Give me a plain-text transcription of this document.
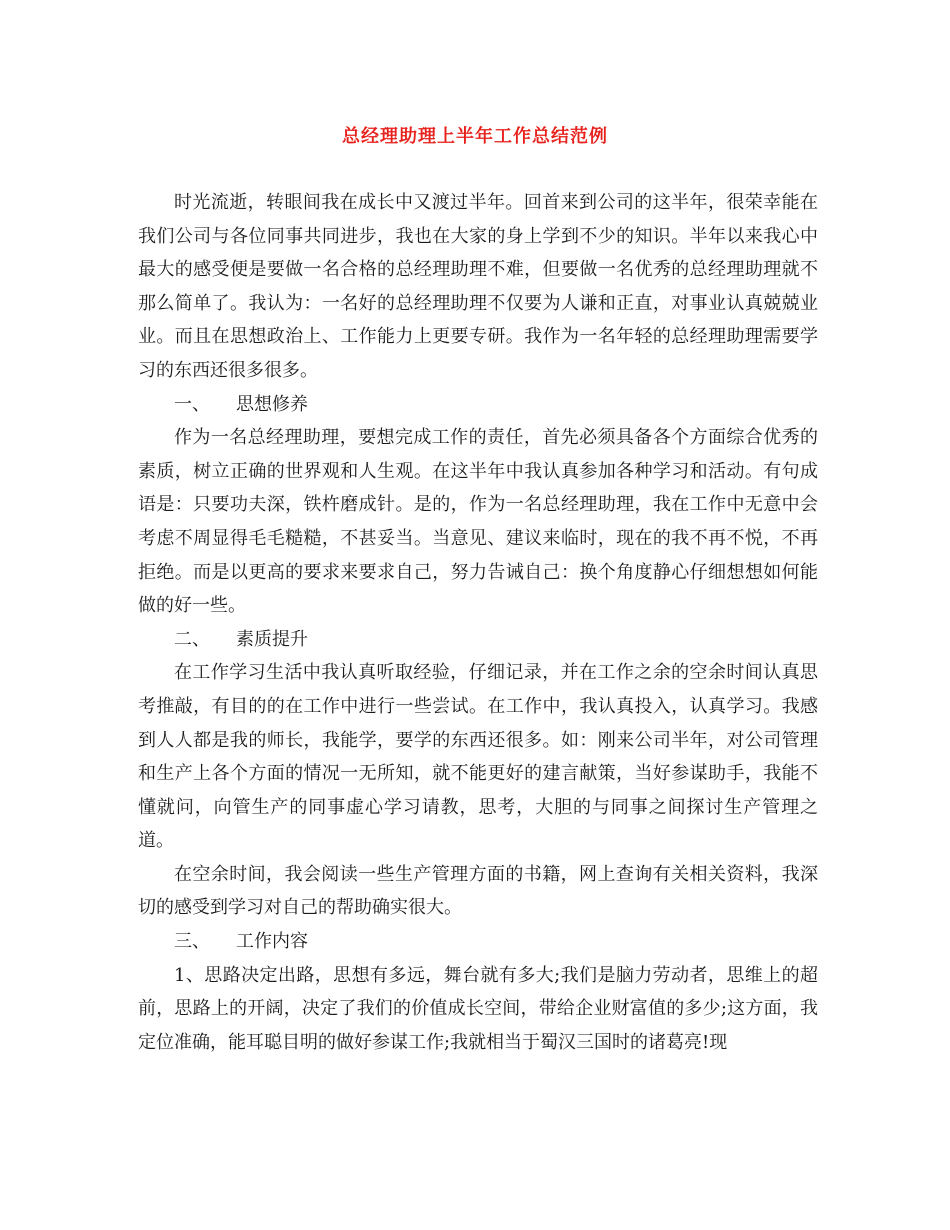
总经理助理上半年工作总结范例

时光流逝，转眼间我在成长中又渡过半年。回首来到公司的这半年，很荣幸能在我们公司与各位同事共同进步，我也在大家的身上学到不少的知识。半年以来我心中最大的感受便是要做一名合格的总经理助理不难，但要做一名优秀的总经理助理就不那么简单了。我认为：一名好的总经理助理不仅要为人谦和正直，对事业认真兢兢业业。而且在思想政治上、工作能力上更要专研。我作为一名年轻的总经理助理需要学习的东西还很多很多。

一、 思想修养

作为一名总经理助理，要想完成工作的责任，首先必须具备各个方面综合优秀的素质，树立正确的世界观和人生观。在这半年中我认真参加各种学习和活动。有句成语是：只要功夫深，铁杵磨成针。是的，作为一名总经理助理，我在工作中无意中会考虑不周显得毛毛糙糙，不甚妥当。当意见、建议来临时，现在的我不再不悦，不再拒绝。而是以更高的要求来要求自己，努力告诫自己：换个角度静心仔细想想如何能做的好一些。

二、 素质提升

在工作学习生活中我认真听取经验，仔细记录，并在工作之余的空余时间认真思考推敲，有目的的在工作中进行一些尝试。在工作中，我认真投入，认真学习。我感到人人都是我的师长，我能学，要学的东西还很多。如：刚来公司半年，对公司管理和生产上各个方面的情况一无所知，就不能更好的建言献策，当好参谋助手，我能不懂就问，向管生产的同事虚心学习请教，思考，大胆的与同事之间探讨生产管理之道。

在空余时间，我会阅读一些生产管理方面的书籍，网上查询有关相关资料，我深切的感受到学习对自己的帮助确实很大。

三、 工作内容

1、思路决定出路，思想有多远，舞台就有多大;我们是脑力劳动者，思维上的超前，思路上的开阔，决定了我们的价值成长空间，带给企业财富值的多少;这方面，我定位准确，能耳聪目明的做好参谋工作;我就相当于蜀汉三国时的诸葛亮!现
